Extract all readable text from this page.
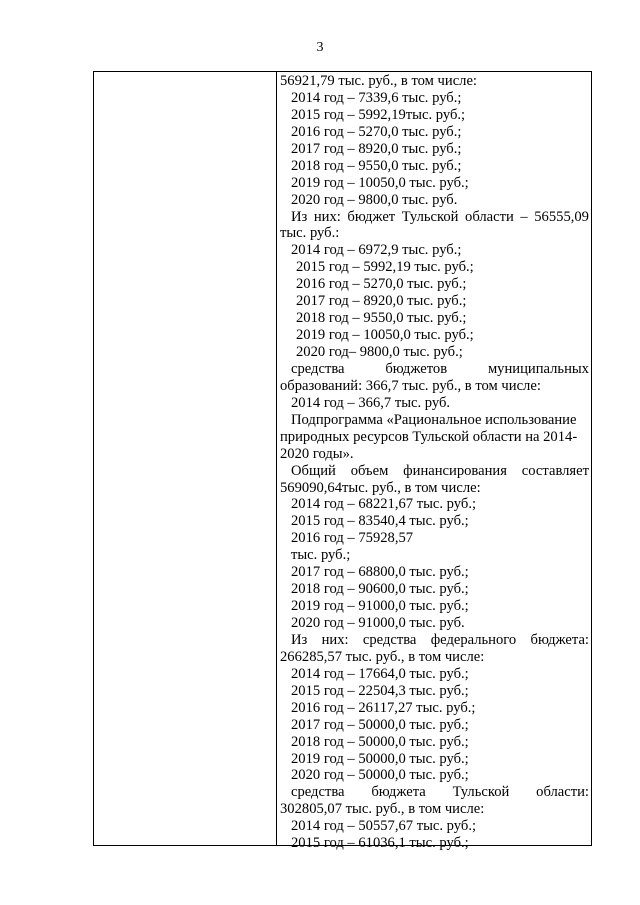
3
56921,79 тыс. руб., в том числе:
2014 год – 7339,6 тыс. руб.;
2015 год – 5992,19тыс. руб.;
2016 год – 5270,0 тыс. руб.;
2017 год – 8920,0 тыс. руб.;
2018 год – 9550,0 тыс. руб.;
2019 год – 10050,0 тыс. руб.;
2020 год – 9800,0 тыс. руб.
Из них: бюджет Тульской области – 56555,09
тыс. руб.:
2014 год – 6972,9 тыс. руб.;
2015 год – 5992,19 тыс. руб.;
2016 год – 5270,0 тыс. руб.;
2017 год – 8920,0 тыс. руб.;
2018 год – 9550,0 тыс. руб.;
2019 год – 10050,0 тыс. руб.;
2020 год– 9800,0 тыс. руб.;
средства	бюджетов	муниципальных
образований: 366,7 тыс. руб., в том числе:
2014 год – 366,7 тыс. руб.
Подпрограмма «Рациональное использование
природных ресурсов Тульской области на 2014-
2020 годы».
Общий объем финансирования составляет
569090,64тыс. руб., в том числе:
2014 год – 68221,67 тыс. руб.;
2015 год – 83540,4 тыс. руб.;
2016 год – 75928,57
тыс. руб.;
2017 год – 68800,0 тыс. руб.;
2018 год – 90600,0 тыс. руб.;
2019 год – 91000,0 тыс. руб.;
2020 год – 91000,0 тыс. руб.
Из них: средства федерального бюджета:
266285,57 тыс. руб., в том числе:
2014 год – 17664,0 тыс. руб.;
2015 год – 22504,3 тыс. руб.;
2016 год – 26117,27 тыс. руб.;
2017 год – 50000,0 тыс. руб.;
2018 год – 50000,0 тыс. руб.;
2019 год – 50000,0 тыс. руб.;
2020 год – 50000,0 тыс. руб.;
средства бюджета Тульской области:
302805,07 тыс. руб., в том числе:
2014 год – 50557,67 тыс. руб.;
2015 год – 61036,1 тыс. руб.;
